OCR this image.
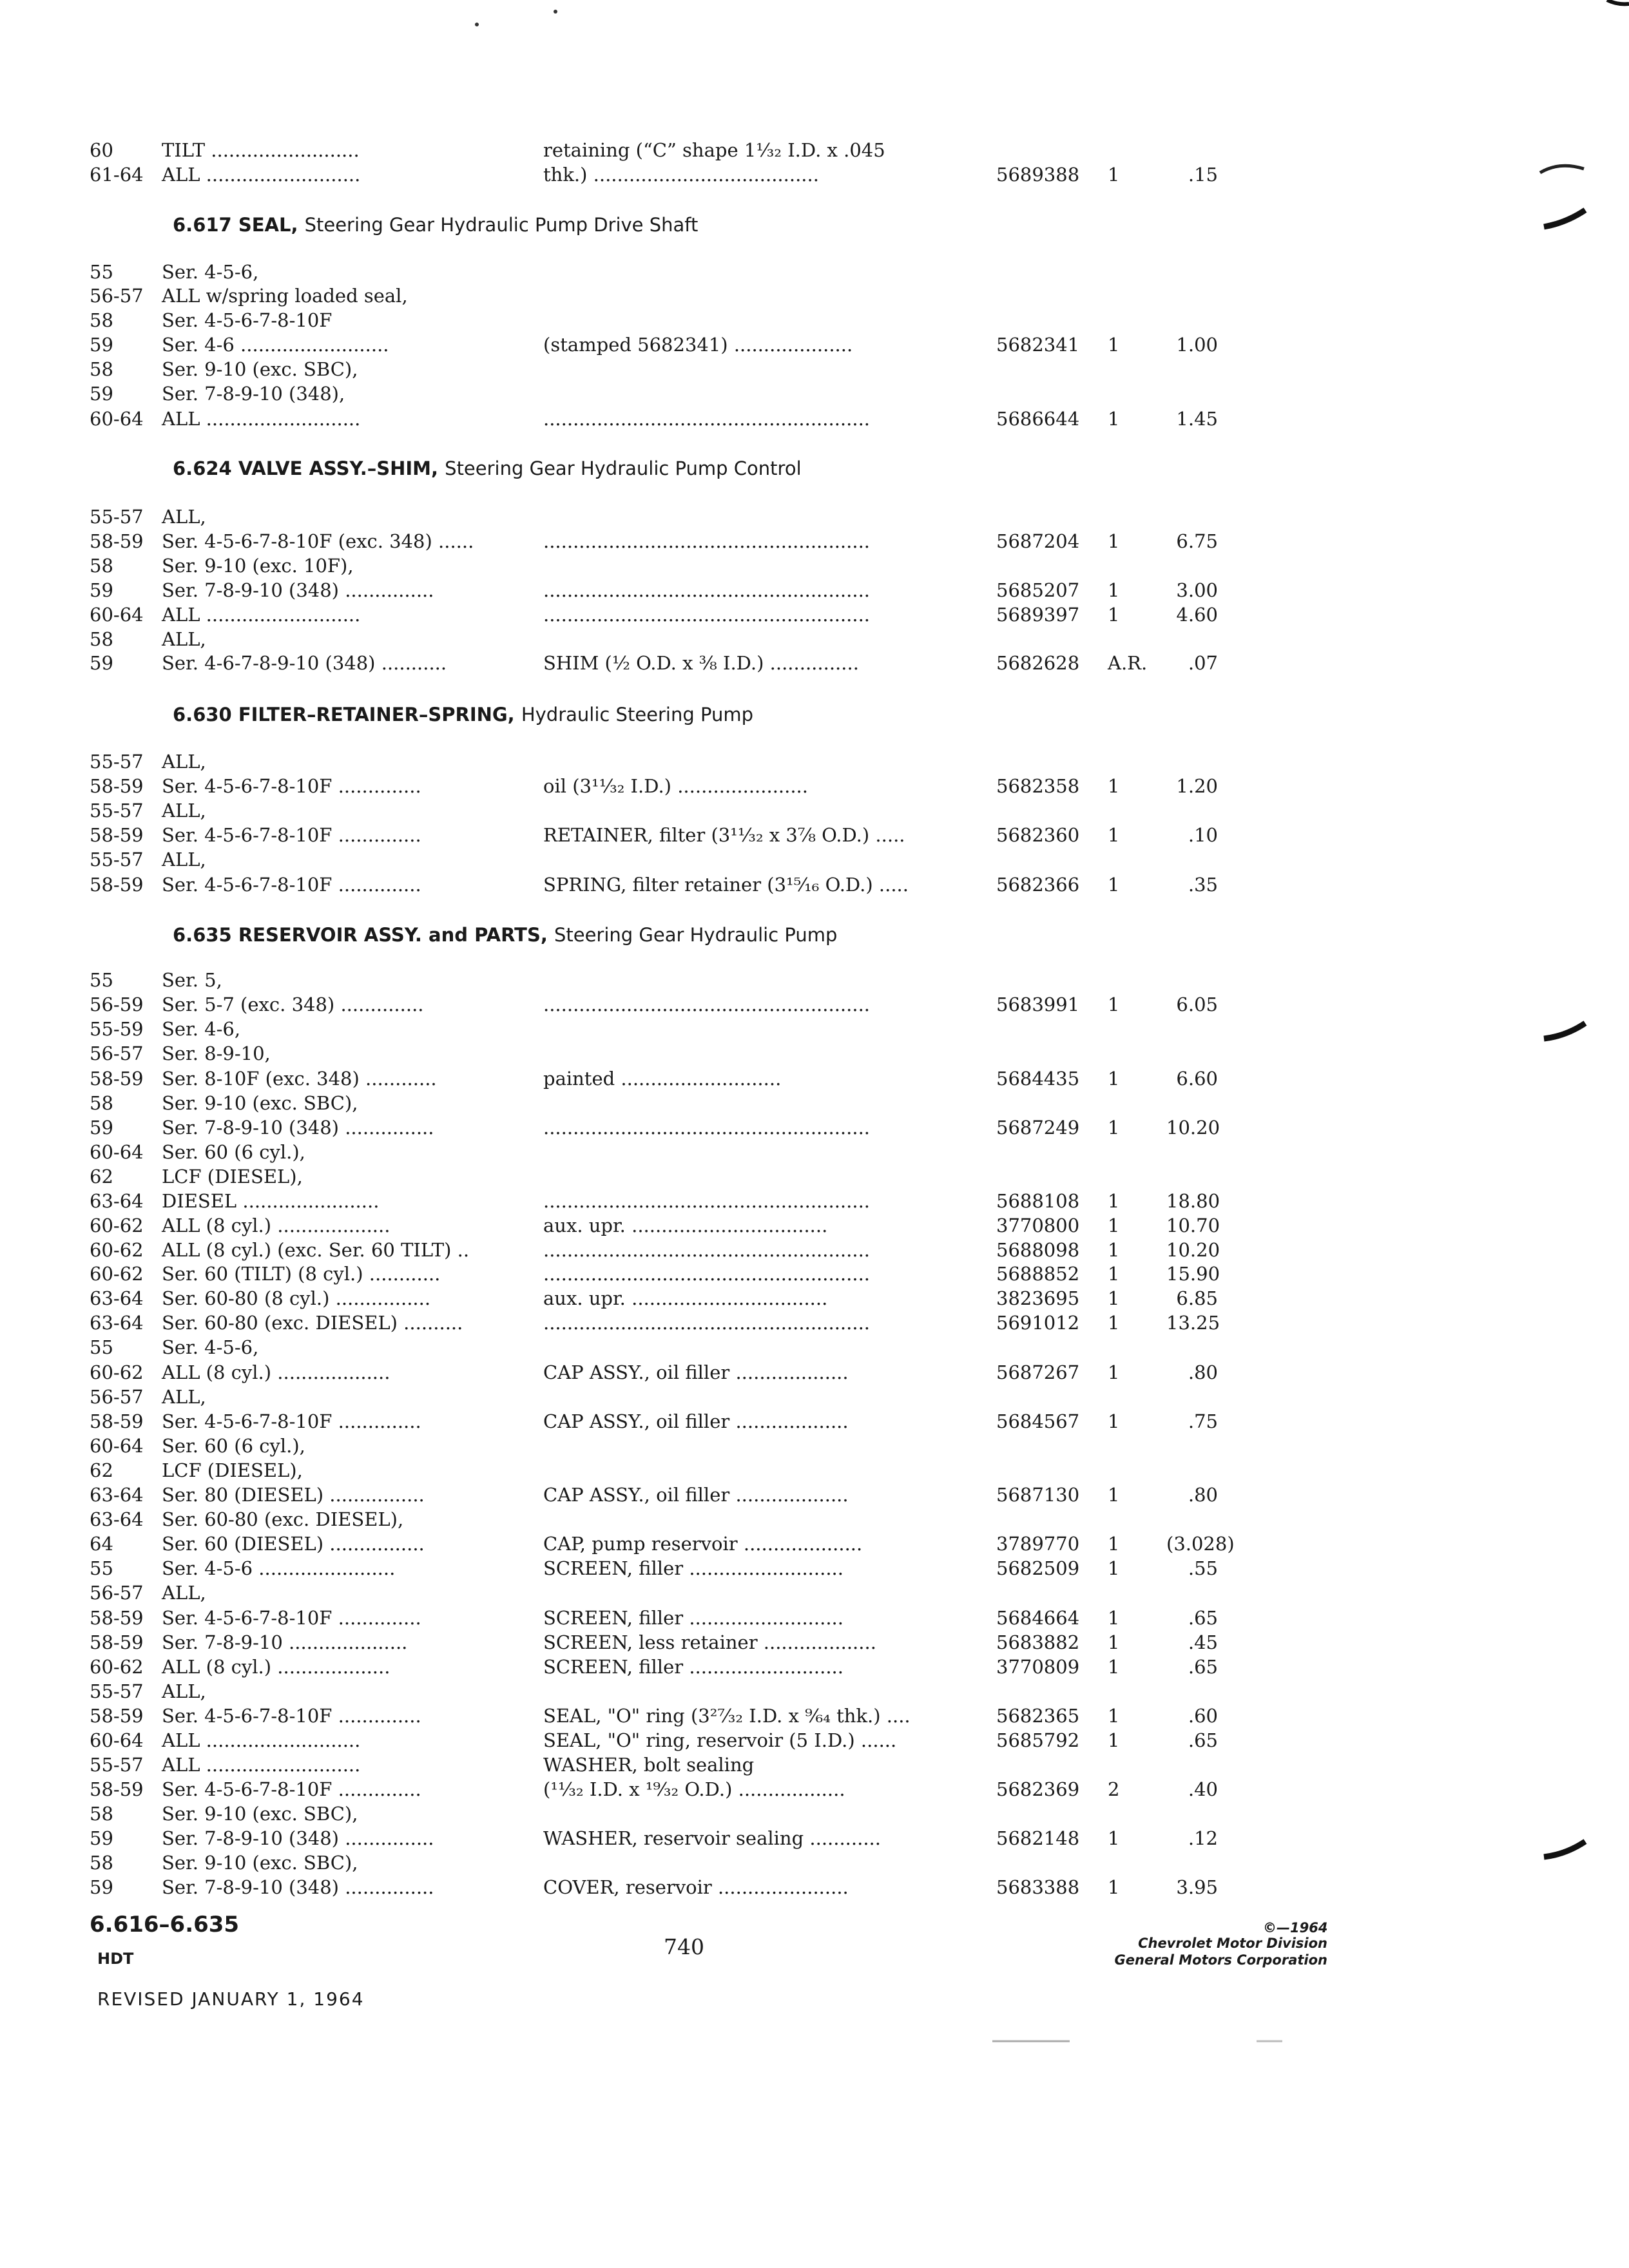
60	TILT .........................	retaining (“C” shape 1¹⁄₃₂ I.D. x .045
61-64 ALL ..........................	thk.) ......................................	5689388 1	.15
6.617 SEAL, Steering Gear Hydraulic Pump Drive Shaft
55	Ser. 4-5-6,
56-57 ALL w/spring loaded seal,
58	Ser. 4-5-6-7-8-10F
59	Ser. 4-6 .........................	(stamped 5682341) ....................	5682341 1	1.00
58	Ser. 9-10 (exc. SBC),
59	Ser. 7-8-9-10 (348),
60-64 ALL ..........................	.......................................................	5686644 1	1.45
6.624 VALVE ASSY.–SHIM, Steering Gear Hydraulic Pump Control
55-57 ALL,
58-59 Ser. 4-5-6-7-8-10F (exc. 348) ......	.......................................................	5687204 1	6.75
58	Ser. 9-10 (exc. 10F),
59	Ser. 7-8-9-10 (348) ...............	.......................................................	5685207 1	3.00
60-64 ALL ..........................	.......................................................	5689397 1	4.60
58	ALL,
59	Ser. 4-6-7-8-9-10 (348) ...........	SHIM (½ O.D. x ⅜ I.D.) ...............	5682628 A.R.	.07
6.630 FILTER–RETAINER–SPRING, Hydraulic Steering Pump
55-57 ALL,
58-59 Ser. 4-5-6-7-8-10F ..............	oil (3¹¹⁄₃₂ I.D.) ......................	5682358 1	1.20
55-57 ALL,
58-59 Ser. 4-5-6-7-8-10F ..............	RETAINER, filter (3¹¹⁄₃₂ x 3⅞ O.D.) .....	5682360 1	.10
55-57 ALL,
58-59 Ser. 4-5-6-7-8-10F ..............	SPRING, filter retainer (3¹⁵⁄₁₆ O.D.) .....	5682366 1	.35
6.635 RESERVOIR ASSY. and PARTS, Steering Gear Hydraulic Pump
55	Ser. 5,
56-59 Ser. 5-7 (exc. 348) ..............	.......................................................	5683991 1	6.05
55-59 Ser. 4-6,
56-57 Ser. 8-9-10,
58-59 Ser. 8-10F (exc. 348) ............	painted ...........................	5684435 1	6.60
58	Ser. 9-10 (exc. SBC),
59	Ser. 7-8-9-10 (348) ...............	.......................................................	5687249 1	10.20
60-64 Ser. 60 (6 cyl.),
62	LCF (DIESEL),
63-64 DIESEL .......................	.......................................................	5688108 1	18.80
60-62 ALL (8 cyl.) ...................	aux. upr. .................................	3770800 1	10.70
60-62 ALL (8 cyl.) (exc. Ser. 60 TILT) ..	.......................................................	5688098 1	10.20
60-62 Ser. 60 (TILT) (8 cyl.) ............	.......................................................	5688852 1	15.90
63-64 Ser. 60-80 (8 cyl.) ................	aux. upr. .................................	3823695 1	6.85
63-64 Ser. 60-80 (exc. DIESEL) ..........	.......................................................	5691012 1	13.25
55	Ser. 4-5-6,
60-62 ALL (8 cyl.) ...................	CAP ASSY., oil filler ...................	5687267 1	.80
56-57 ALL,
58-59 Ser. 4-5-6-7-8-10F ..............	CAP ASSY., oil filler ...................	5684567 1	.75
60-64 Ser. 60 (6 cyl.),
62	LCF (DIESEL),
63-64 Ser. 80 (DIESEL) ................	CAP ASSY., oil filler ...................	5687130 1	.80
63-64 Ser. 60-80 (exc. DIESEL),
64	Ser. 60 (DIESEL) ................	CAP, pump reservoir ....................	3789770 1	(3.028)
55	Ser. 4-5-6 .......................	SCREEN, filler ..........................	5682509 1	.55
56-57 ALL,
58-59 Ser. 4-5-6-7-8-10F ..............	SCREEN, filler ..........................	5684664 1	.65
58-59 Ser. 7-8-9-10 ....................	SCREEN, less retainer ...................	5683882 1	.45
60-62 ALL (8 cyl.) ...................	SCREEN, filler ..........................	3770809 1	.65
55-57 ALL,
58-59 Ser. 4-5-6-7-8-10F ..............	SEAL, "O" ring (3²⁷⁄₃₂ I.D. x ⁹⁄₆₄ thk.) ....	5682365 1	.60
60-64 ALL ..........................	SEAL, "O" ring, reservoir (5 I.D.) ......	5685792 1	.65
55-57 ALL ..........................	WASHER, bolt sealing
58-59 Ser. 4-5-6-7-8-10F ..............	(¹¹⁄₃₂ I.D. x ¹⁹⁄₃₂ O.D.) ..................	5682369 2	.40
58	Ser. 9-10 (exc. SBC),
59	Ser. 7-8-9-10 (348) ...............	WASHER, reservoir sealing ............	5682148 1	.12
58	Ser. 9-10 (exc. SBC),
59	Ser. 7-8-9-10 (348) ...............	COVER, reservoir ......................	5683388 1	3.95
6.616–6.635
HDT	740
©—1964
Chevrolet Motor Division
General Motors Corporation
REVISED JANUARY 1, 1964
